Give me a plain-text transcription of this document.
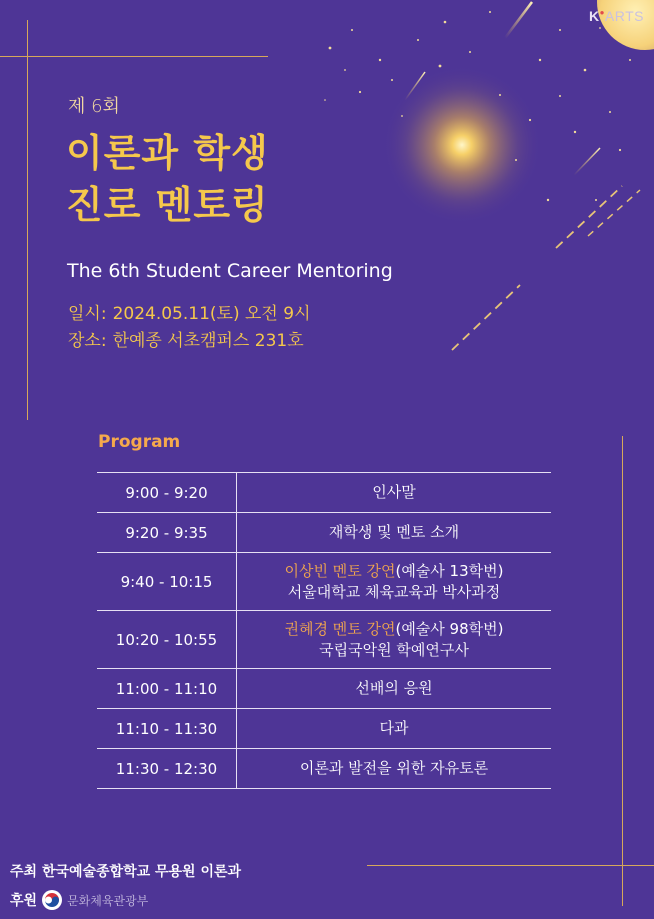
K●ARTS
제 6회
이론과 학생
진로 멘토링
The 6th Student Career Mentoring
일시: 2024.05.11(토) 오전 9시
장소: 한예종 서초캠퍼스 231호
Program
9:00 - 9:20	인사말
9:20 - 9:35	재학생 및 멘토 소개
9:40 - 10:15	이상빈 멘토 강연(예술사 13학번)
서울대학교 체육교육과 박사과정

10:20 - 10:55	권혜경 멘토 강연(예술사 98학번)
국립국악원 학예연구사

11:00 - 11:10	선배의 응원
11:10 - 11:30	다과
11:30 - 12:30	이론과 발전을 위한 자유토론
주최 한국예술종합학교 무용원 이론과
후원	문화체육관광부
